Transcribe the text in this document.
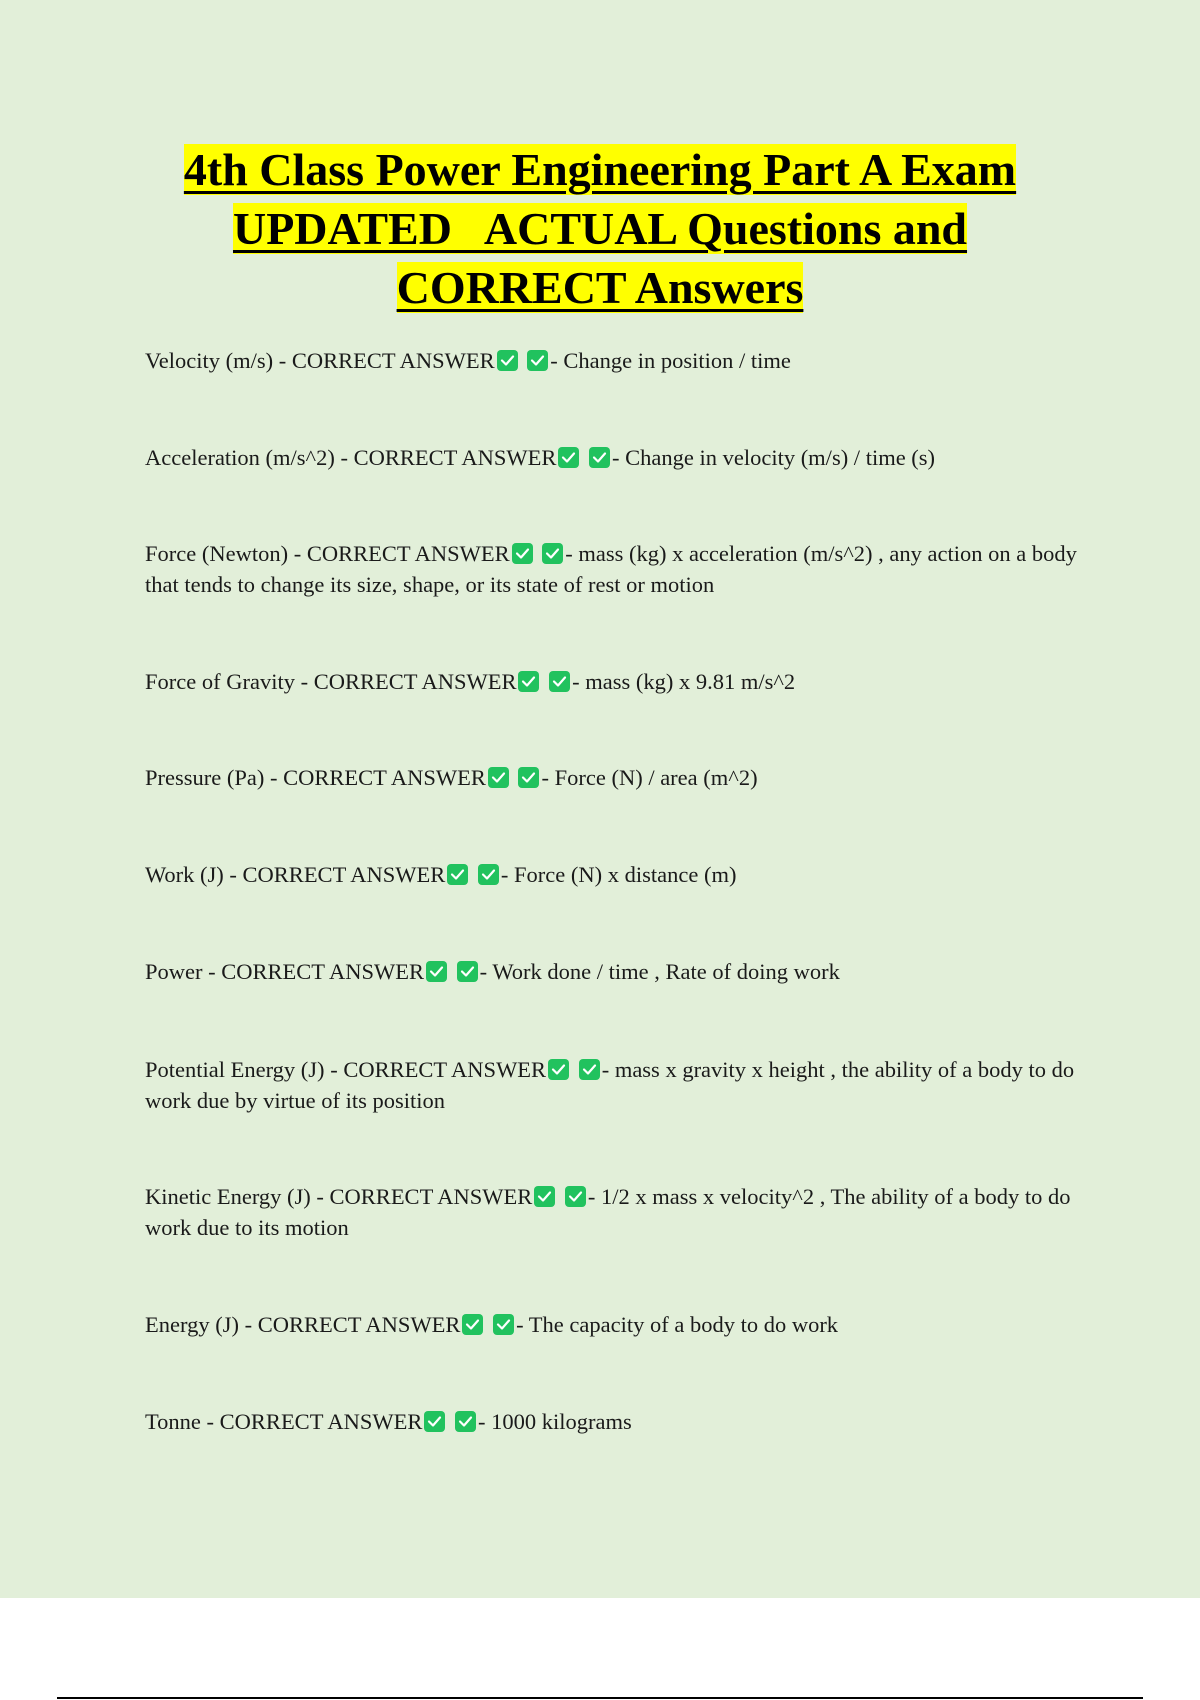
4th Class Power Engineering Part A Exam
UPDATED   ACTUAL Questions and
CORRECT Answers
Velocity (m/s) - CORRECT ANSWER
- Change in position / time
Acceleration (m/s^2) - CORRECT ANSWER
- Change in velocity (m/s) / time (s)
Force (Newton) - CORRECT ANSWER
- mass (kg) x acceleration (m/s^2) , any action on a body that tends to change its size, shape, or its state of rest or motion
Force of Gravity - CORRECT ANSWER
- mass (kg) x 9.81 m/s^2
Pressure (Pa) - CORRECT ANSWER
- Force (N) / area (m^2)
Work (J) - CORRECT ANSWER
- Force (N) x distance (m)
Power - CORRECT ANSWER
- Work done / time , Rate of doing work
Potential Energy (J) - CORRECT ANSWER
- mass x gravity x height , the ability of a body to do work due by virtue of its position
Kinetic Energy (J) - CORRECT ANSWER
- 1/2 x mass x velocity^2 , The ability of a body to do work due to its motion
Energy (J) - CORRECT ANSWER
- The capacity of a body to do work
Tonne - CORRECT ANSWER
- 1000 kilograms
